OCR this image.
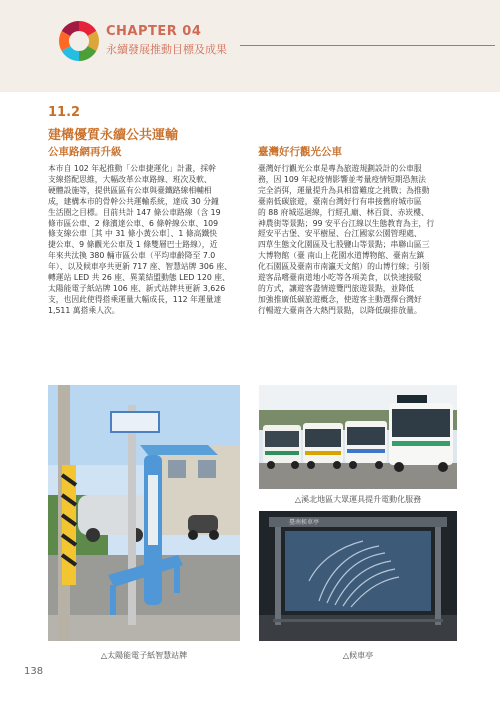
CHAPTER 04
永續發展推動目標及成果
11.2
建構優質永續公共運輸
公車路網再升級	臺灣好行觀光公車
本市自 102 年起推動「公車捷運化」計畫，採幹
支線搭配思維，大幅改革公車路線、班次及軟、
硬體設施等，提供區區有公車與臺鐵路線相輔相
成，建構本市的骨幹公共運輸系統，達成 30 分鐘
生活圈之目標。目前共計 147 條公車路線（含 19
條市區公車、2 條濱達公車、6 條幹線公車、109
條支線公車［其 中 31 條小黃公車］、1 條高鐵快
捷公車、9 條觀光公車及 1 條雙層巴士路線），近
年來共汰換 380 輛市區公車（平均車齡降至 7.0
年）、以及候車亭共更新 717 座、智慧站牌 306 座、
轉運站 LED 共 26 座、異業結盟動態 LED 120 座、
太陽能電子紙站牌 106 座、新式站牌共更新 3,626
支，也因此使得搭乘運量大幅成長，112 年運量達
1,511 萬搭乘人次。
臺灣好行觀光公車是專為旅遊規劃設計的公車服
務，因 109 年起疫情影響並考量疫情短期恐無法
完全消弭，運量提升為具相當難度之挑戰；為推動
臺南低碳旅遊，臺南台灣好行有串接舊府城市區
的 88 府城巡迴線，行經孔廟、林百貨、赤崁樓、
神農街等景點；99 安平台江線以生態教育為主，行
經安平古堡、安平樹屋、台江國家公園管理處、
四草生態文化園區及七股鹽山等景點；串聯山區三
大博物館（臺 南山上花園水道博物館、臺南左鎮
化石園區及臺南市南瀛天文館）的山博行線；引領
遊客品嚐臺南道地小吃等各項美食，以快速接駁
的方式，讓遊客盡情遊覽門旅遊景點，並降低
加強推廣低碳旅遊概念，使遊客主動選擇台灣好
行暢遊大臺南各大熱門景點，以降低碳排放量。
臺南候車亭
△太陽能電子紙智慧站牌
△溪北地區大眾運具提升電動化服務
△候車亭
138
